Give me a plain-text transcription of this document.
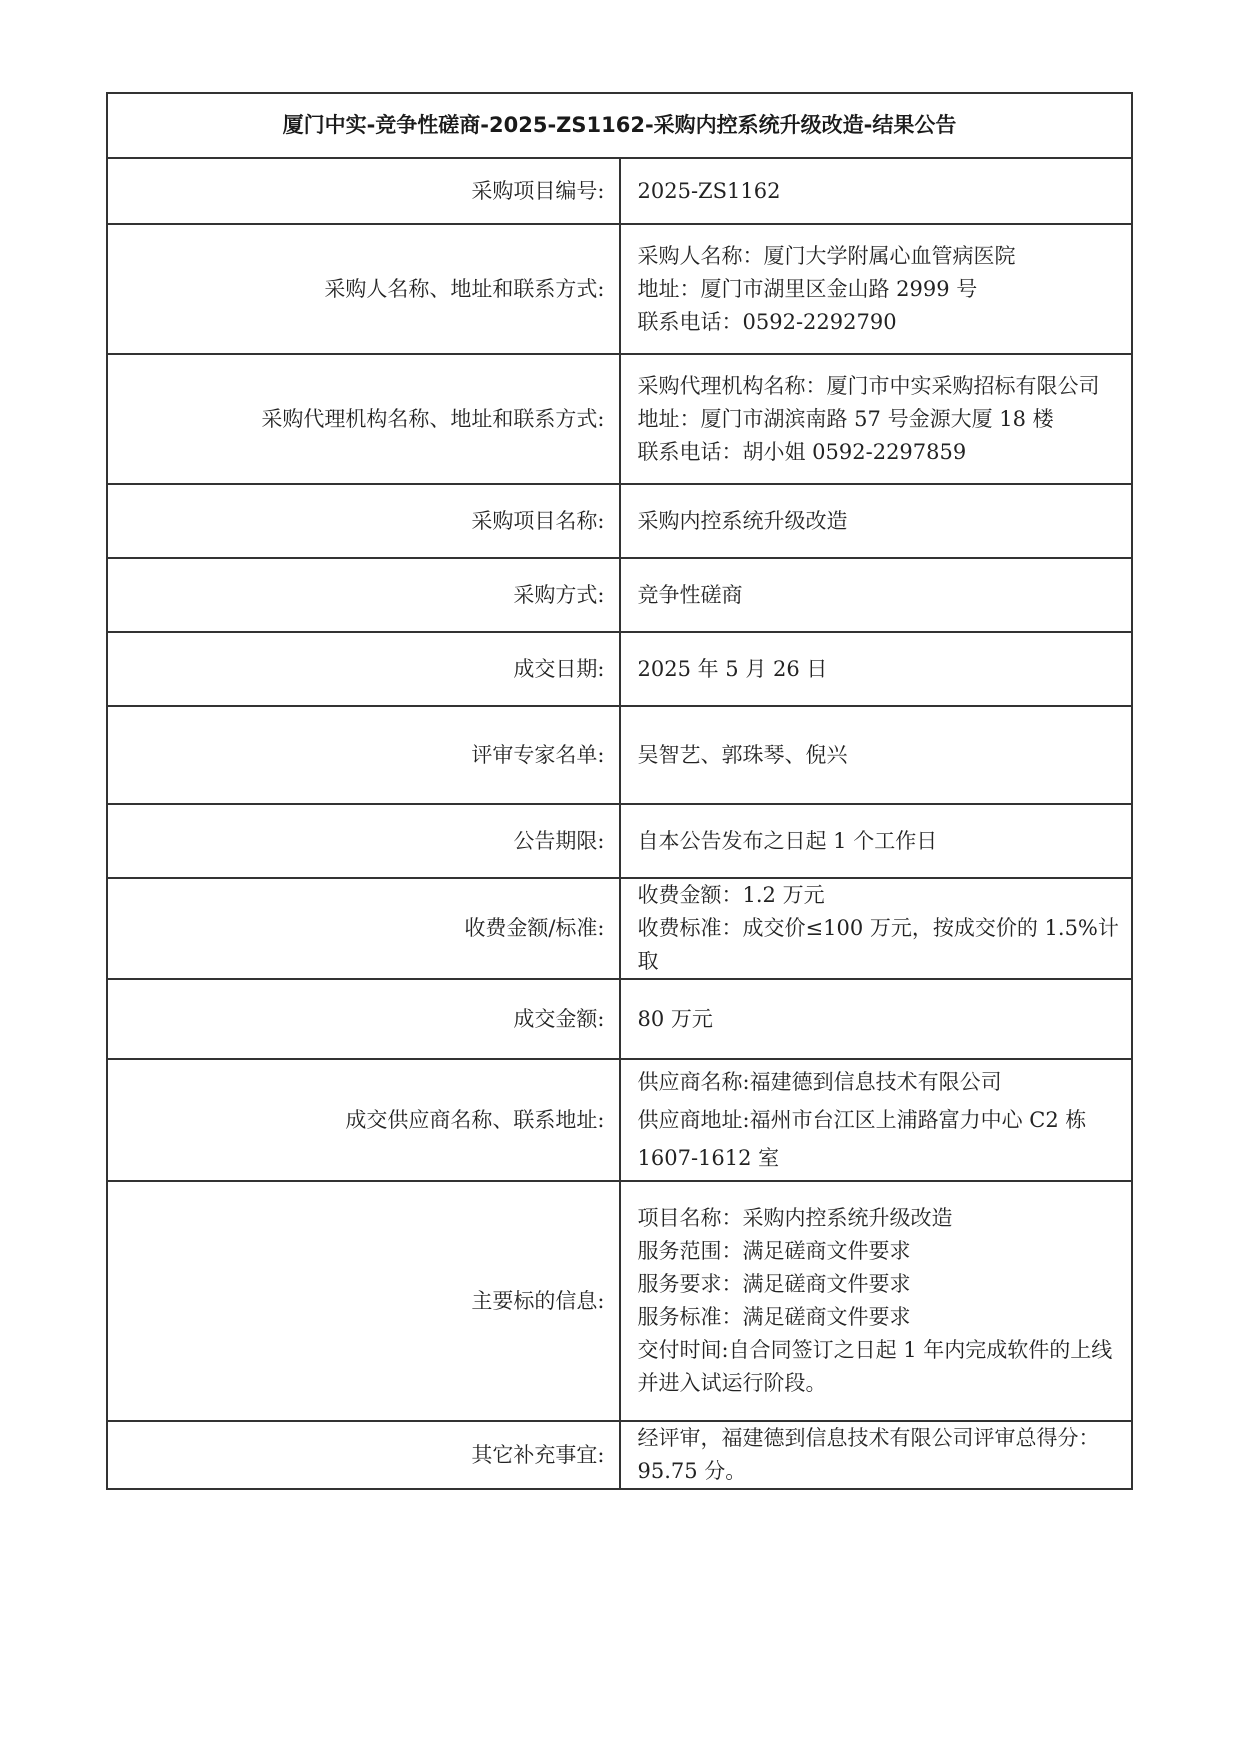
厦门中实-竞争性磋商-2025-ZS1162-采购内控系统升级改造-结果公告	
采购项目编号:	2025-ZS1162

采购人名称、地址和联系方式:	采购人名称：厦门大学附属心血管病医院
地址：厦门市湖里区金山路 2999 号
联系电话：0592-2292790

采购代理机构名称、地址和联系方式:	采购代理机构名称：厦门市中实采购招标有限公司
地址：厦门市湖滨南路 57 号金源大厦 18 楼
联系电话：胡小姐 0592-2297859

采购项目名称:	采购内控系统升级改造

采购方式:	竞争性磋商

成交日期:	2025 年 5 月 26 日

评审专家名单:	吴智艺、郭珠琴、倪兴

公告期限:	自本公告发布之日起 1 个工作日

收费金额/标准:	收费金额：1.2 万元
收费标准：成交价≤100 万元，按成交价的 1.5%计取

成交金额:	80 万元

成交供应商名称、联系地址:	供应商名称:福建德到信息技术有限公司
供应商地址:福州市台江区上浦路富力中心 C2 栋 1607-1612 室

主要标的信息:	项目名称：采购内控系统升级改造
服务范围：满足磋商文件要求
服务要求：满足磋商文件要求
服务标准：满足磋商文件要求
交付时间:自合同签订之日起 1 年内完成软件的上线并进入试运行阶段。

其它补充事宜:	经评审，福建德到信息技术有限公司评审总得分：95.75 分。
